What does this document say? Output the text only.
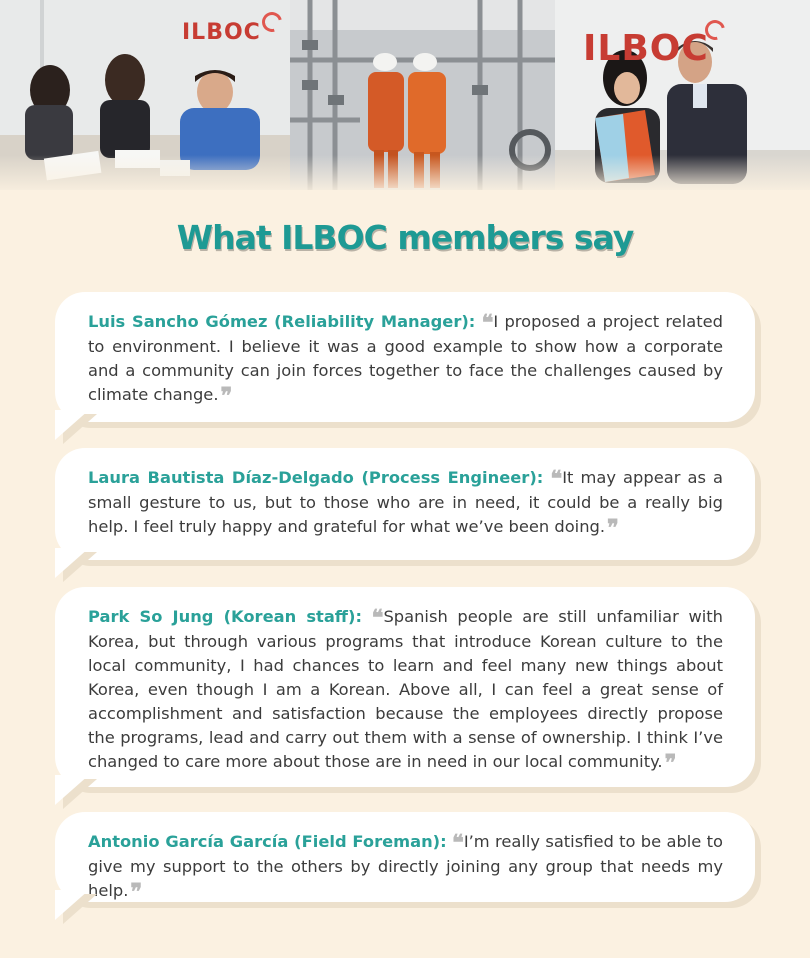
ILBOC	ILBOC
What ILBOC members say
Luis Sancho Gómez (Reliability Manager): ❝ I proposed a project related to environment. I believe it was a good example to show how a corporate and a community can join forces together to face the challenges caused by climate change.❞
Laura Bautista Díaz-Delgado (Process Engineer): ❝ It may appear as a small gesture to us, but to those who are in need, it could be a really big help. I feel truly happy and grateful for what we’ve been doing.❞
Park So Jung (Korean staff): ❝ Spanish people are still unfamiliar with Korea, but through various programs that introduce Korean culture to the local community, I had chances to learn and feel many new things about Korea, even though I am a Korean. Above all, I can feel a great sense of accomplishment and satisfaction because the employees directly propose the programs, lead and carry out them with a sense of ownership. I think I’ve changed to care more about those are in need in our local community.❞
Antonio García García (Field Foreman): ❝ I’m really satisfied to be able to give my support to the others by directly joining any group that needs my help.❞
